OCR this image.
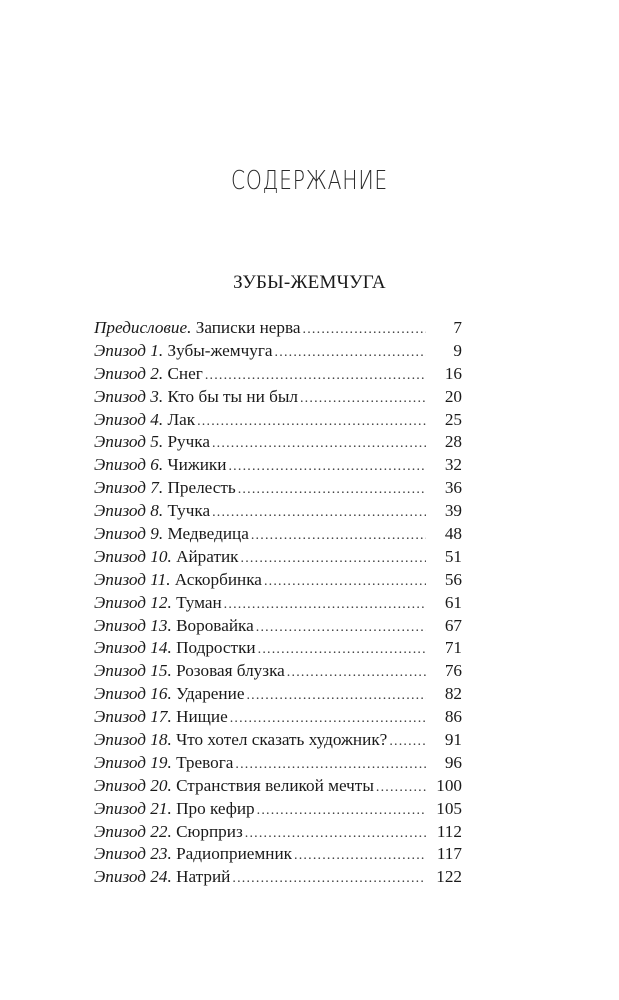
СОДЕРЖАНИЕ
ЗУБЫ-ЖЕМЧУГА
Предисловие. Записки нерва .....	7
Эпизод 1. Зубы-жемчуга .....	9
Эпизод 2. Снег .....	16
Эпизод 3. Кто бы ты ни был .....	20
Эпизод 4. Лак .....	25
Эпизод 5. Ручка .....	28
Эпизод 6. Чижики .....	32
Эпизод 7. Прелесть .....	36
Эпизод 8. Тучка .....	39
Эпизод 9. Медведица .....	48
Эпизод 10. Айратик .....	51
Эпизод 11. Аскорбинка .....	56
Эпизод 12. Туман .....	61
Эпизод 13. Воровайка .....	67
Эпизод 14. Подростки .....	71
Эпизод 15. Розовая блузка .....	76
Эпизод 16. Ударение .....	82
Эпизод 17. Нищие .....	86
Эпизод 18. Что хотел сказать художник? .....	91
Эпизод 19. Тревога .....	96
Эпизод 20. Странствия великой мечты .....	100
Эпизод 21. Про кефир .....	105
Эпизод 22. Сюрприз .....	112
Эпизод 23. Радиоприемник .....	117
Эпизод 24. Натрий .....	122
